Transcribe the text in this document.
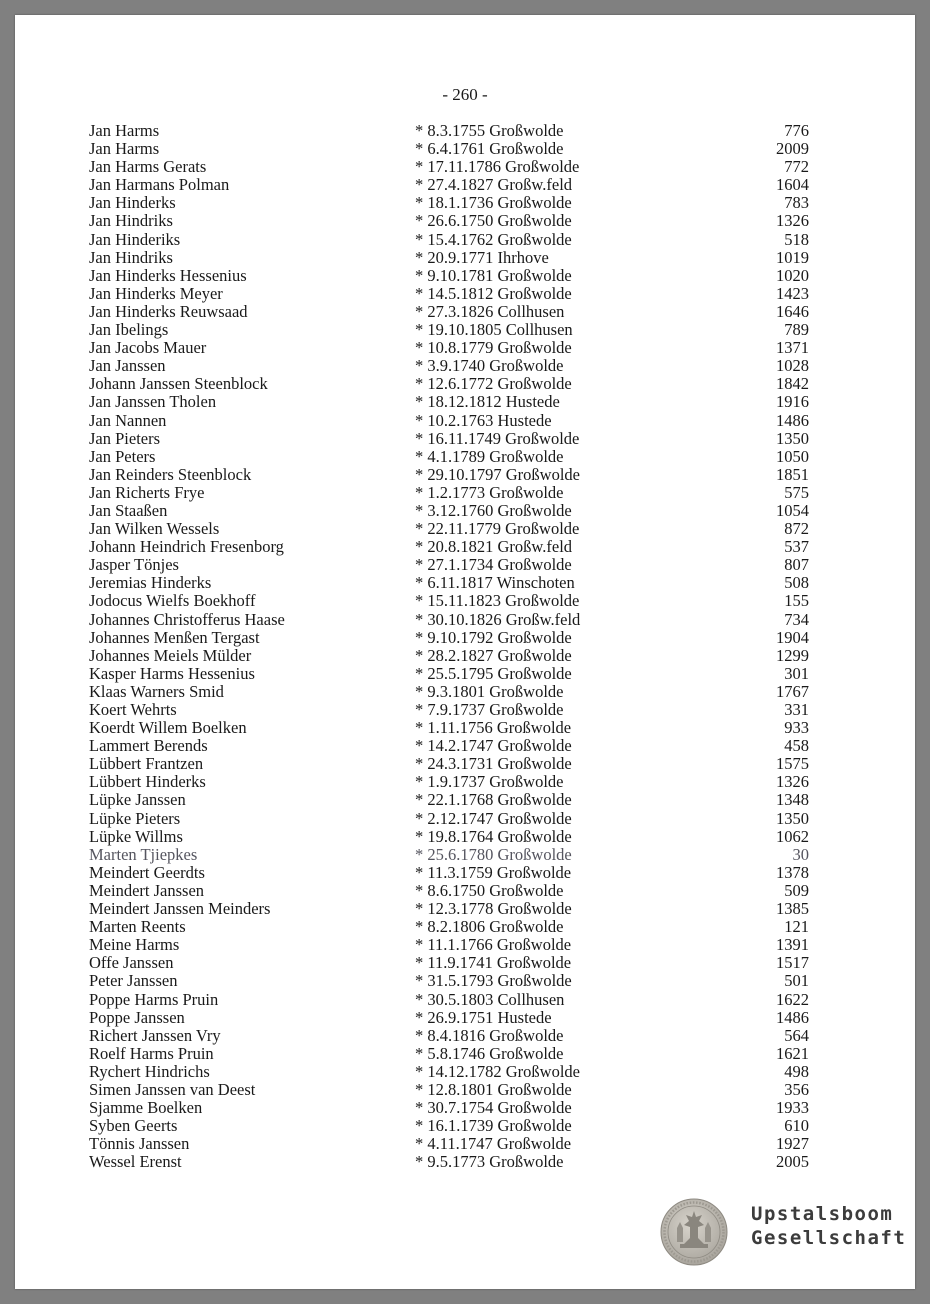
- 260 -
Jan Harms	* 8.3.1755 Großwolde	776
Jan Harms	* 6.4.1761 Großwolde	2009
Jan Harms Gerats	* 17.11.1786 Großwolde	772
Jan Harmans Polman	* 27.4.1827 Großw.feld	1604
Jan Hinderks	* 18.1.1736 Großwolde	783
Jan Hindriks	* 26.6.1750 Großwolde	1326
Jan Hinderiks	* 15.4.1762 Großwolde	518
Jan Hindriks	* 20.9.1771 Ihrhove	1019
Jan Hinderks Hessenius	* 9.10.1781 Großwolde	1020
Jan Hinderks Meyer	* 14.5.1812 Großwolde	1423
Jan Hinderks Reuwsaad	* 27.3.1826 Collhusen	1646
Jan Ibelings	* 19.10.1805 Collhusen	789
Jan Jacobs Mauer	* 10.8.1779 Großwolde	1371
Jan Janssen	* 3.9.1740 Großwolde	1028
Johann Janssen Steenblock	* 12.6.1772 Großwolde	1842
Jan Janssen Tholen	* 18.12.1812 Hustede	1916
Jan Nannen	* 10.2.1763 Hustede	1486
Jan Pieters	* 16.11.1749 Großwolde	1350
Jan Peters	* 4.1.1789 Großwolde	1050
Jan Reinders Steenblock	* 29.10.1797 Großwolde	1851
Jan Richerts Frye	* 1.2.1773 Großwolde	575
Jan Staaßen	* 3.12.1760 Großwolde	1054
Jan Wilken Wessels	* 22.11.1779 Großwolde	872
Johann Heindrich Fresenborg	* 20.8.1821 Großw.feld	537
Jasper Tönjes	* 27.1.1734 Großwolde	807
Jeremias Hinderks	* 6.11.1817 Winschoten	508
Jodocus Wielfs Boekhoff	* 15.11.1823 Großwolde	155
Johannes Christofferus Haase	* 30.10.1826 Großw.feld	734
Johannes Menßen Tergast	* 9.10.1792 Großwolde	1904
Johannes Meiels Mülder	* 28.2.1827 Großwolde	1299
Kasper Harms Hessenius	* 25.5.1795 Großwolde	301
Klaas Warners Smid	* 9.3.1801 Großwolde	1767
Koert Wehrts	* 7.9.1737 Großwolde	331
Koerdt Willem Boelken	* 1.11.1756 Großwolde	933
Lammert Berends	* 14.2.1747 Großwolde	458
Lübbert Frantzen	* 24.3.1731 Großwolde	1575
Lübbert Hinderks	* 1.9.1737 Großwolde	1326
Lüpke Janssen	* 22.1.1768 Großwolde	1348
Lüpke Pieters	* 2.12.1747 Großwolde	1350
Lüpke Willms	* 19.8.1764 Großwolde	1062
Marten Tjiepkes	* 25.6.1780 Großwolde	30
Meindert Geerdts	* 11.3.1759 Großwolde	1378
Meindert Janssen	* 8.6.1750 Großwolde	509
Meindert Janssen Meinders	* 12.3.1778 Großwolde	1385
Marten Reents	* 8.2.1806 Großwolde	121
Meine Harms	* 11.1.1766 Großwolde	1391
Offe Janssen	* 11.9.1741 Großwolde	1517
Peter Janssen	* 31.5.1793 Großwolde	501
Poppe Harms Pruin	* 30.5.1803 Collhusen	1622
Poppe Janssen	* 26.9.1751 Hustede	1486
Richert Janssen Vry	* 8.4.1816 Großwolde	564
Roelf Harms Pruin	* 5.8.1746 Großwolde	1621
Rychert Hindrichs	* 14.12.1782 Großwolde	498
Simen Janssen van Deest	* 12.8.1801 Großwolde	356
Sjamme Boelken	* 30.7.1754 Großwolde	1933
Syben Geerts	* 16.1.1739 Großwolde	610
Tönnis Janssen	* 4.11.1747 Großwolde	1927
Wessel Erenst	* 9.5.1773 Großwolde	2005
Upstalsboom
Gesellschaft
